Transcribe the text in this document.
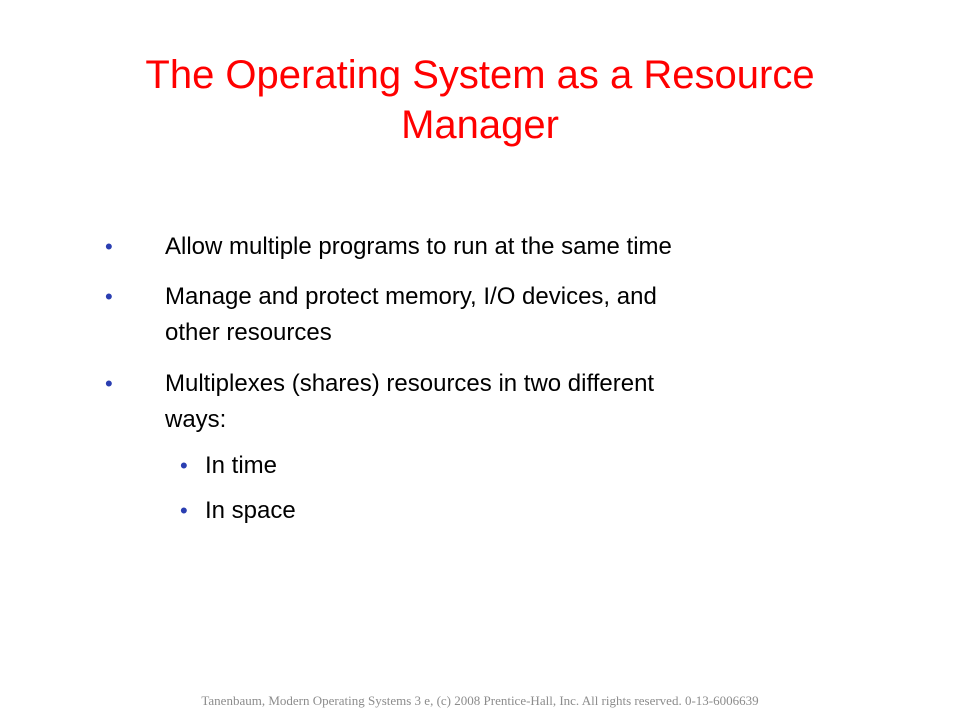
The Operating System as a Resource
Manager
• Allow multiple programs to run at the same time
• Manage and protect memory, I/O devices, and
other resources
• Multiplexes (shares) resources in two different
ways:
• In time
• In space
Tanenbaum, Modern Operating Systems 3 e, (c) 2008 Prentice-Hall, Inc. All rights reserved. 0-13-6006639
